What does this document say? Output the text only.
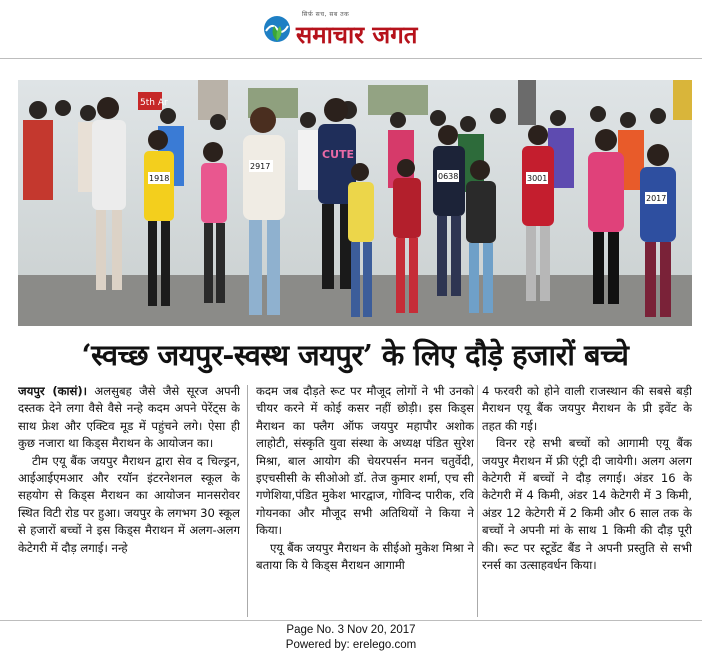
सिर्फ़ सच, सब तक
समाचार जगत
5th Ar
CUTE
1918
2917
0638	3001
2017
‘स्वच्छ जयपुर-स्वस्थ जयपुर’ के लिए दौड़े हजारों बच्चे

जयपुर (कासं)। अलसुबह जैसे जैसे सूरज अपनी दस्तक देने लगा वैसे वैसे नन्हे कदम अपने पेरेंट्स के साथ फ्रेश और एक्टिव मूड में पहुंचने लगे। ऐसा ही कुछ नजारा था किड्स मैराथन के आयोजन का।

टीम एयू बैंक जयपुर मैराथन द्वारा सेव द चिल्ड्रन, आईआईएमआर और रयॉन इंटरनेशनल स्कूल के सहयोग से किड्स मैराथन का आयोजन मानसरोवर स्थित विटी रोड पर हुआ। जयपुर के लगभग 30 स्कूल से हजारों बच्चों ने इस किड्स मैराथन में अलग-अलग केटेगरी में दौड़ लगाई। नन्हे

कदम जब दौड़ते रूट पर मौजूद लोगों ने भी उनको चीयर करने में कोई कसर नहीं छोड़ी। इस किड्स मैराथन का फ्लैग ऑफ जयपुर महापौर अशोक लाहोटी, संस्कृति युवा संस्था के अध्यक्ष पंडित सुरेश मिश्रा, बाल आयोग की चेयरपर्सन मनन चतुर्वेदी, इएचसीसी के सीओओ डॉ. तेज कुमार शर्मा, एच सी गणेशिया,पंडित मुकेश भारद्वाज, गोविन्द पारीक, रवि गोयनका और मौजूद सभी अतिथियों ने किया ने किया।

एयू बैंक जयपुर मैराथन के सीईओ मुकेश मिश्रा ने बताया कि ये किड्स मैराथन आगामी

4 फरवरी को होने वाली राजस्थान की सबसे बड़ी मैराथन एयू बैंक जयपुर मैराथन के प्री इवेंट के तहत की गई।

विनर रहे सभी बच्चों को आगामी एयू बैंक जयपुर मैराथन में फ्री एंट्री दी जायेगी। अलग अलग केटेगरी में बच्चों ने दौड़ लगाई। अंडर 16 के केटेगरी में 4 किमी, अंडर 14 केटेगरी में 3 किमी, अंडर 12 केटेगरी में 2 किमी और 6 साल तक के बच्चों ने अपनी मां के साथ 1 किमी की दौड़ पूरी की। रूट पर स्टूडेंट बैंड ने अपनी प्रस्तुति से सभी रनर्स का उत्साहवर्धन किया।

Page No. 3 Nov 20, 2017
Powered by: erelego.com
